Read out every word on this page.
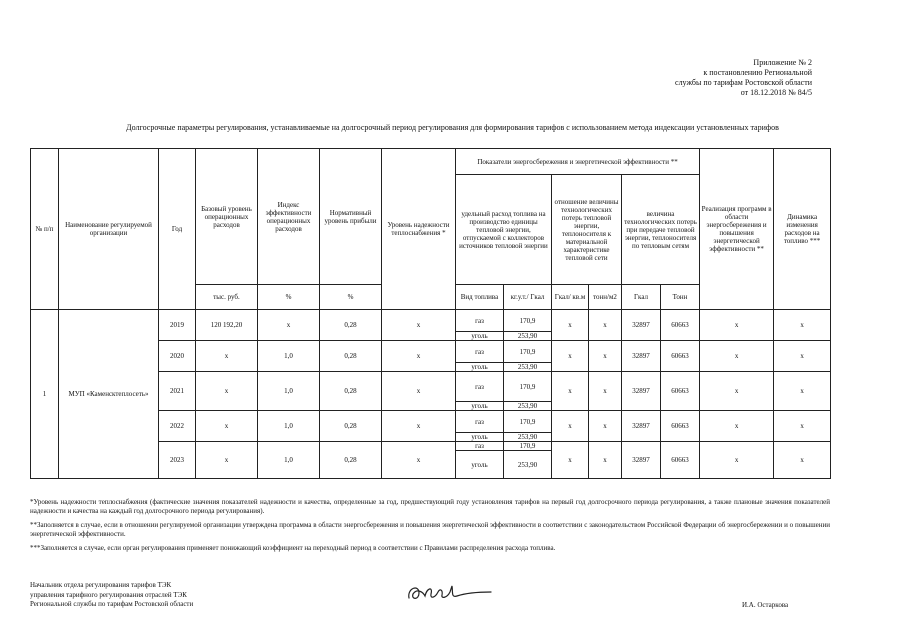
Приложение № 2
к постановлению Региональной
службы по тарифам Ростовской области
от 18.12.2018 № 84/5
Долгосрочные параметры регулирования, устанавливаемые на долгосрочный период регулирования для формирования тарифов с использованием метода индексации установленных тарифов
№ п/п	Наименование регулируемой организации	Год	Базовый уровень операционных расходов	Индекс эффективности операционных расходов	Нормативный уровень прибыли	Уровень надежности теплоснабжения *	Показатели энергосбережения и энергетической эффективности **						Реализация программ в области энергосбережения и повышения энергетической эффективности **	Динамика изменения расходов на топливо ***
							удельный расход топлива на производство единицы тепловой энергии, отпускаемой с коллекторов источников тепловой энергии		отношение величины технологических потерь тепловой энергии, теплоносителя к материальной характеристике тепловой сети		величина технологических потерь при передаче тепловой энергии, теплоносителя по тепловым сетям			
			тыс. руб.	%	%		Вид топлива	кг.у.т./ Гкал	Гкал/ кв.м	тонн/м2	Гкал	Тонн		
1	МУП «Каменсктеплосеть»	2019	120 192,20	х	0,28	х	газ	170,9	х	х	32897	60663	х	х
							уголь	253,90						
		2020	х	1,0	0,28	х	газ	170,9	х	х	32897	60663	х	х
							уголь	253,90						
		2021	х	1,0	0,28	х	газ	170,9	х	х	32897	60663	х	х
							уголь	253,90						
		2022	х	1,0	0,28	х	газ	170,9	х	х	32897	60663	х	х
							уголь	253,90						
		2023	х	1,0	0,28	х	газ	170,9	х	х	32897	60663	х	х
							уголь	253,90						

*Уровень надежности теплоснабжения (фактические значения показателей надежности и качества, определенные за год, предшествующий году установления тарифов на первый год долгосрочного периода регулирования, а также плановые значения показателей надежности и качества на каждый год долгосрочного периода регулирования).

**Заполняется в случае, если в отношении регулируемой организации утверждена программа в области энергосбережения и повышения энергетической эффективности в соответствии с законодательством Российской Федерации об энергосбережении и о повышении энергетической эффективности.

***Заполняется в случае, если орган регулирования применяет понижающий коэффициент на переходный период в соответствии с Правилами распределения расхода топлива.

Начальник отдела регулирования тарифов ТЭК
управления тарифного регулирования отраслей ТЭК
Региональной службы по тарифам Ростовской области	И.А. Остаркова
